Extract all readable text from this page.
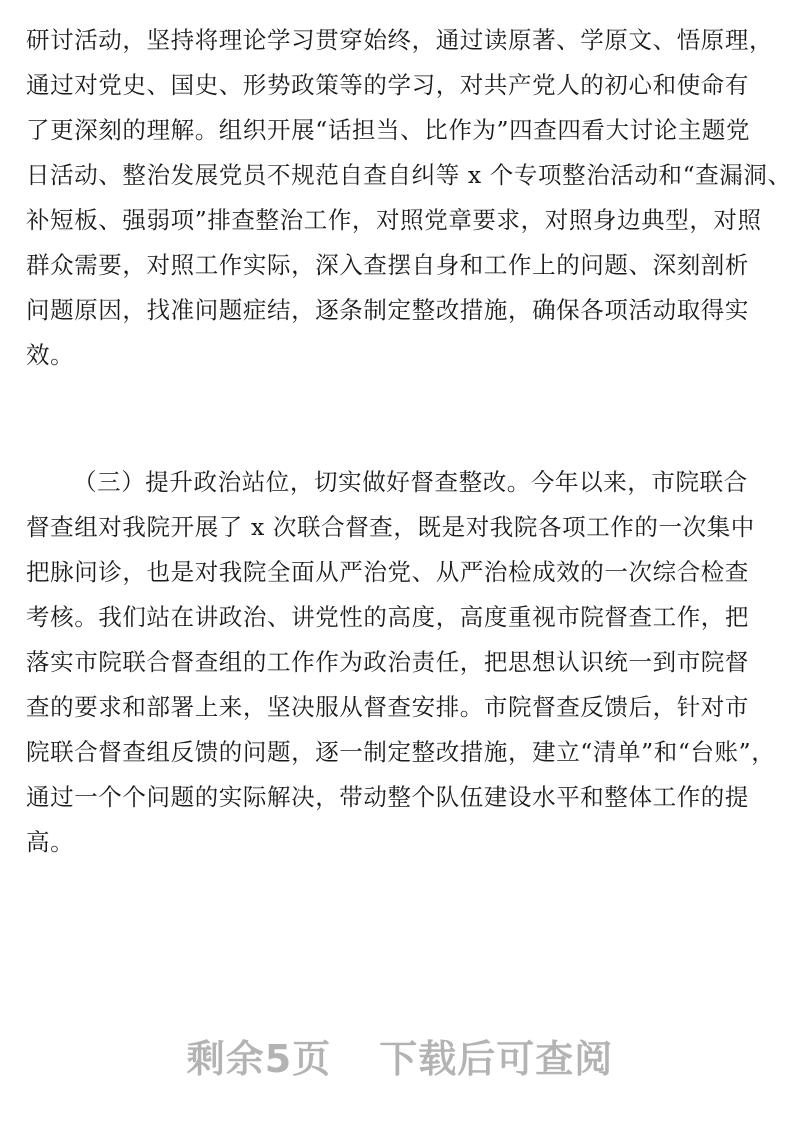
研讨活动，坚持将理论学习贯穿始终，通过读原著、学原文、悟原理，
通过对党史、国史、形势政策等的学习，对共产党人的初心和使命有
了更深刻的理解。组织开展“话担当、比作为”四查四看大讨论主题党
日活动、整治发展党员不规范自查自纠等 x 个专项整治活动和“查漏洞、
补短板、强弱项”排查整治工作，对照党章要求，对照身边典型，对照
群众需要，对照工作实际，深入查摆自身和工作上的问题、深刻剖析
问题原因，找准问题症结，逐条制定整改措施，确保各项活动取得实
效。
（三）提升政治站位，切实做好督查整改。今年以来，市院联合
督查组对我院开展了 x 次联合督查，既是对我院各项工作的一次集中
把脉问诊，也是对我院全面从严治党、从严治检成效的一次综合检查
考核。我们站在讲政治、讲党性的高度，高度重视市院督查工作，把
落实市院联合督查组的工作作为政治责任，把思想认识统一到市院督
查的要求和部署上来，坚决服从督查安排。市院督查反馈后，针对市
院联合督查组反馈的问题，逐一制定整改措施，建立“清单”和“台账”，
通过一个个问题的实际解决，带动整个队伍建设水平和整体工作的提
高。
剩余5页 下载后可查阅
